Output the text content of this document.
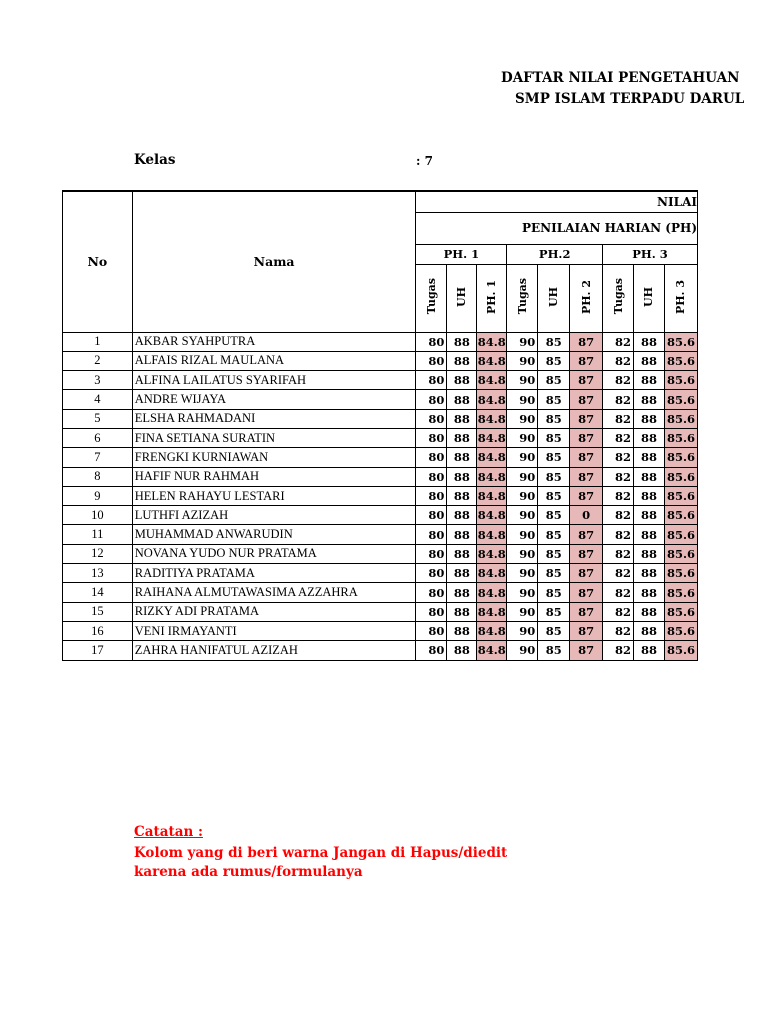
DAFTAR NILAI PENGETAHUAN
SMP ISLAM TERPADU DARUL
Kelas	: 7
No	Nama	NILAI								
		PENILAIAN HARIAN (PH)								
		PH. 1			PH.2			PH. 3		
		Tugas	UH	PH. 1	Tugas	UH	PH. 2	Tugas	UH	PH. 3
1	AKBAR SYAHPUTRA	80	88	84.8	90	85	87	82	88	85.6
2	ALFAIS RIZAL MAULANA	80	88	84.8	90	85	87	82	88	85.6
3	ALFINA LAILATUS SYARIFAH	80	88	84.8	90	85	87	82	88	85.6
4	ANDRE WIJAYA	80	88	84.8	90	85	87	82	88	85.6
5	ELSHA RAHMADANI	80	88	84.8	90	85	87	82	88	85.6
6	FINA SETIANA SURATIN	80	88	84.8	90	85	87	82	88	85.6
7	FRENGKI KURNIAWAN	80	88	84.8	90	85	87	82	88	85.6
8	HAFIF NUR RAHMAH	80	88	84.8	90	85	87	82	88	85.6
9	HELEN RAHAYU LESTARI	80	88	84.8	90	85	87	82	88	85.6
10	LUTHFI AZIZAH	80	88	84.8	90	85	0	82	88	85.6
11	MUHAMMAD ANWARUDIN	80	88	84.8	90	85	87	82	88	85.6
12	NOVANA YUDO NUR PRATAMA	80	88	84.8	90	85	87	82	88	85.6
13	RADITIYA PRATAMA	80	88	84.8	90	85	87	82	88	85.6
14	RAIHANA ALMUTAWASIMA AZZAHRA	80	88	84.8	90	85	87	82	88	85.6
15	RIZKY ADI PRATAMA	80	88	84.8	90	85	87	82	88	85.6
16	VENI IRMAYANTI	80	88	84.8	90	85	87	82	88	85.6
17	ZAHRA HANIFATUL AZIZAH	80	88	84.8	90	85	87	82	88	85.6
Catatan :
Kolom yang di beri warna Jangan di Hapus/diedit
karena ada rumus/formulanya
